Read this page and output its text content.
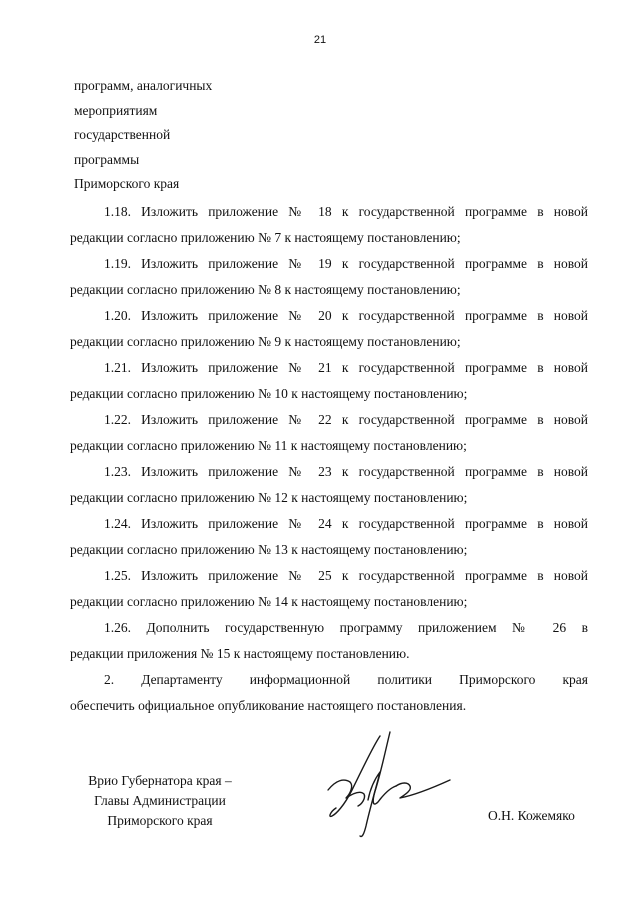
21
программ, аналогичных
мероприятиям
государственной
программы
Приморского края

1.18. Изложить приложение № 18 к государственной программе в новой
редакции согласно приложению № 7 к настоящему постановлению;

1.19. Изложить приложение № 19 к государственной программе в новой
редакции согласно приложению № 8 к настоящему постановлению;

1.20. Изложить приложение № 20 к государственной программе в новой
редакции согласно приложению № 9 к настоящему постановлению;

1.21. Изложить приложение № 21 к государственной программе в новой
редакции согласно приложению № 10 к настоящему постановлению;

1.22. Изложить приложение № 22 к государственной программе в новой
редакции согласно приложению № 11 к настоящему постановлению;

1.23. Изложить приложение № 23 к государственной программе в новой
редакции согласно приложению № 12 к настоящему постановлению;

1.24. Изложить приложение № 24 к государственной программе в новой
редакции согласно приложению № 13 к настоящему постановлению;

1.25. Изложить приложение № 25 к государственной программе в новой
редакции согласно приложению № 14 к настоящему постановлению;

1.26. Дополнить государственную программу приложением № 26 в
редакции приложения № 15 к настоящему постановлению.

2. Департаменту информационной политики Приморского края
обеспечить официальное опубликование настоящего постановления.

Врио Губернатора края –
Главы Администрации
Приморского края	О.Н. Кожемяко
